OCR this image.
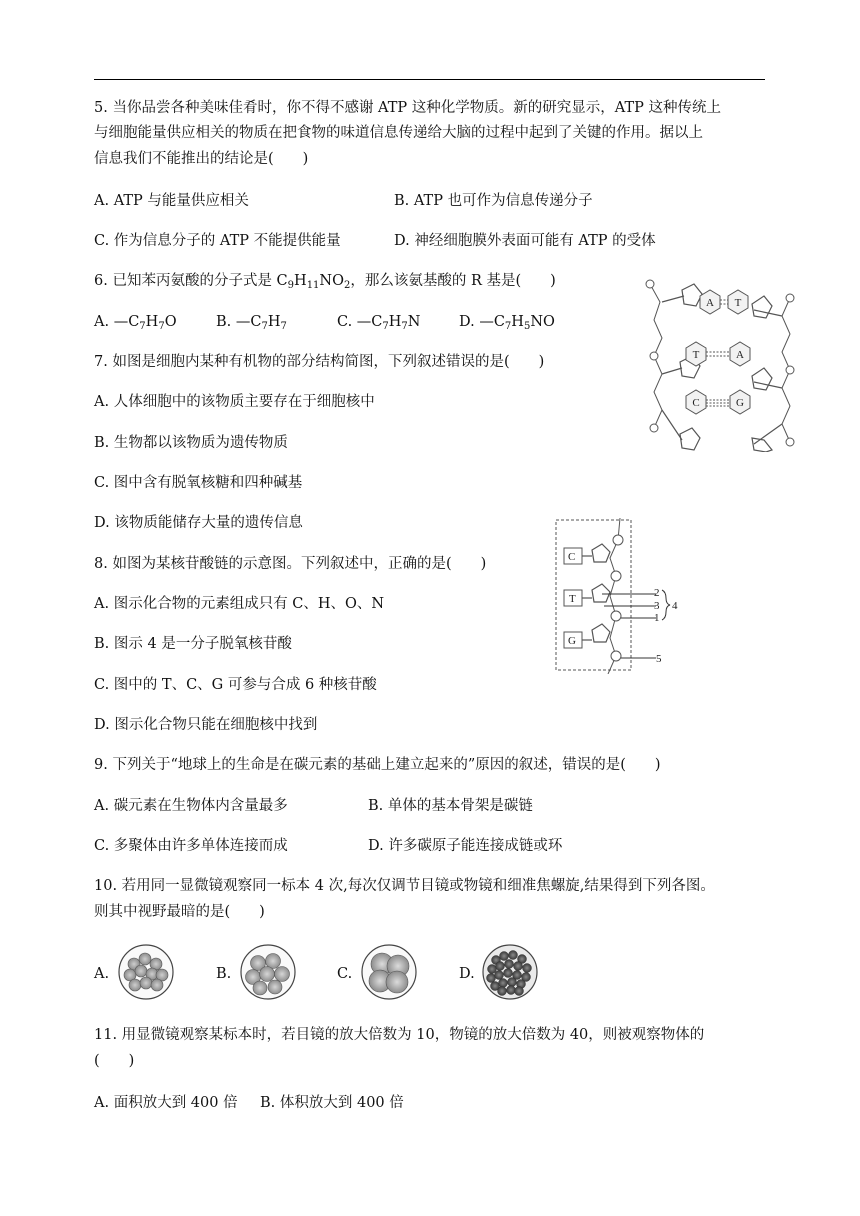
5. 当你品尝各种美味佳肴时，你不得不感谢 ATP 这种化学物质。新的研究显示，ATP 这种传统上
与细胞能量供应相关的物质在把食物的味道信息传递给大脑的过程中起到了关键的作用。据以上
信息我们不能推出的结论是(　　)
A. ATP 与能量供应相关	B. ATP 也可作为信息传递分子
C. 作为信息分子的 ATP 不能提供能量	D. 神经细胞膜外表面可能有 ATP 的受体
6. 已知苯丙氨酸的分子式是 $C_9H_{11}NO_2$，那么该氨基酸的 R 基是(　　)
A. $—C_7H_7O$	B. $—C_7H_7$	C. $—C_7H_7N$	D. $—C_7H_5NO$
A T
T	A
C	G
7. 如图是细胞内某种有机物的部分结构简图，下列叙述错误的是(　　)
A. 人体细胞中的该物质主要存在于细胞核中
B. 生物都以该物质为遗传物质
C. 图中含有脱氧核糖和四种碱基
D. 该物质能储存大量的遗传信息
C
T
G
2
3
1
4
5
8. 如图为某核苷酸链的示意图。下列叙述中，正确的是(　　)
A. 图示化合物的元素组成只有 C、H、O、N
B. 图示 4 是一分子脱氧核苷酸
C. 图中的 T、C、G 可参与合成 6 种核苷酸
D. 图示化合物只能在细胞核中找到
9. 下列关于“地球上的生命是在碳元素的基础上建立起来的”原因的叙述，错误的是(　　)
A. 碳元素在生物体内含量最多	B. 单体的基本骨架是碳链
C. 多聚体由许多单体连接而成	D. 许多碳原子能连接成链或环
10. 若用同一显微镜观察同一标本 4 次,每次仅调节目镜或物镜和细准焦螺旋,结果得到下列各图。
则其中视野最暗的是(　　)
A.	B.	C.	D.
11. 用显微镜观察某标本时，若目镜的放大倍数为 10，物镜的放大倍数为 40，则被观察物体的
(　　)
A. 面积放大到 400 倍 B. 体积放大到 400 倍
